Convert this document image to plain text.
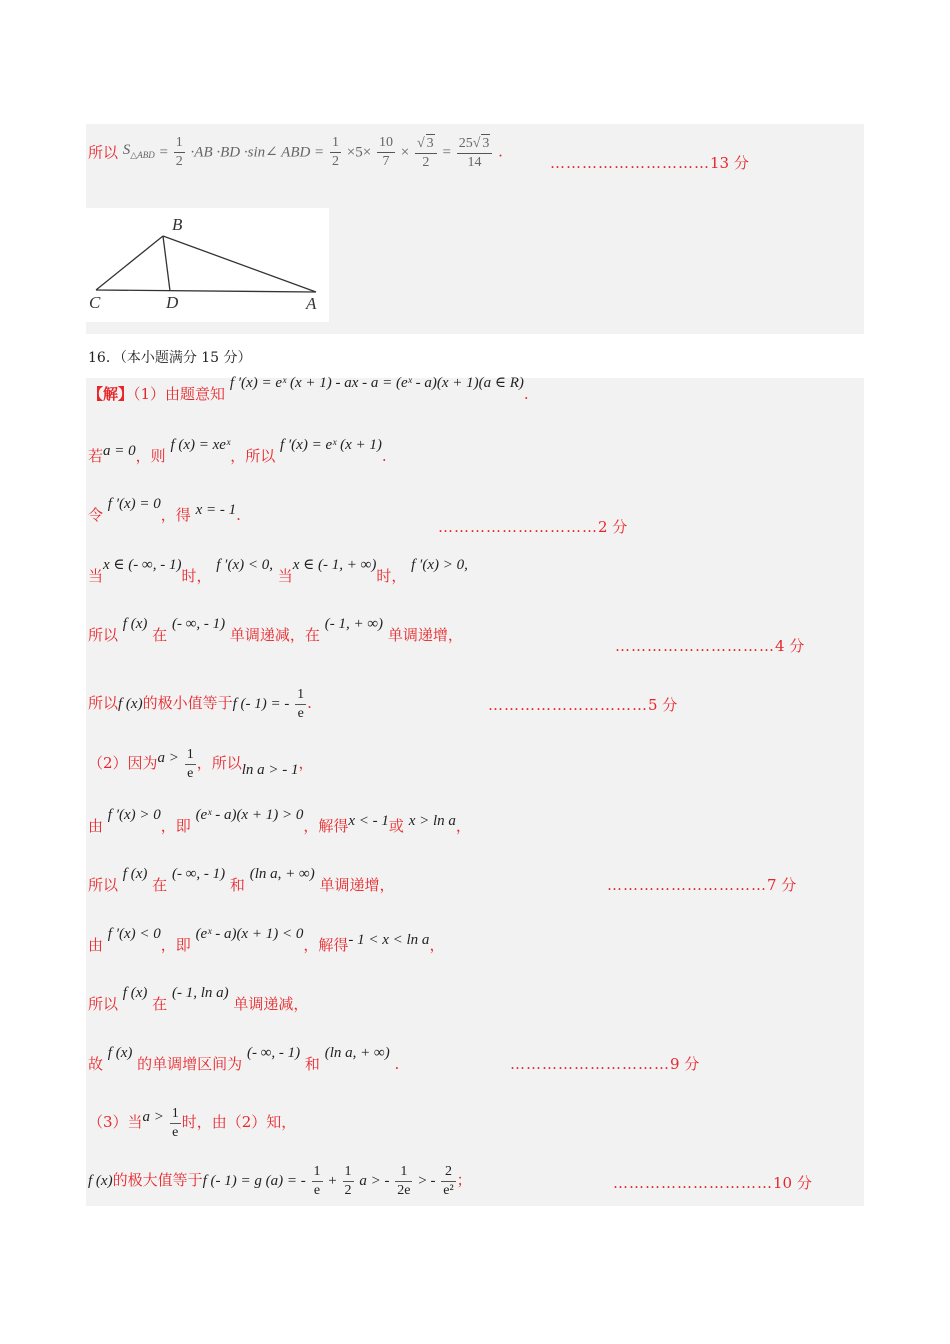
所以 $S_{\triangle ABD} = \frac{1}{2} \cdot AB \cdot BD$ ·sin∠ ABD = $\frac{1}{2} \times 5\times \frac{10}{7} \times \frac{√ 3}{2} = \frac{25√ 3}{14}$ .
…………………………13 分
B
C	D	A
16．（本小题满分 15 分）
【解】（1）由题意知 f ′(x) = eˣ (x + 1) - ax - a = (eˣ - a)(x + 1)(a ∈ R).
若a = 0，则 f (x) = xeˣ，所以 f ′(x) = eˣ (x + 1).
令 f ′(x) = 0，得 x = - 1.
…………………………2 分
当x ∈ (- ∞, - 1)时， f ′(x) < 0, 当x ∈ (- 1, + ∞)时， f ′(x) > 0,
所以 f (x) 在 (- ∞, - 1) 单调递减，在 (- 1, + ∞) 单调递增，
…………………………4 分
所以f (x)的极小值等于f (- 1) = - $\frac{1}{e}$ .	…………………………5 分
（2）因为$a > \frac{1}{e}$ ，所以ln a > - 1，
由 f ′(x) > 0，即 (eˣ - a)(x + 1) > 0，解得x < - 1或 x > ln a，
所以 f (x) 在 (- ∞, - 1) 和 (ln a, + ∞) 单调递增，	…………………………7 分
由 f ′(x) < 0，即 (eˣ - a)(x + 1) < 0，解得- 1 < x < ln a，
所以 f (x) 在 (- 1, ln a) 单调递减，
故 f (x) 的单调增区间为 (- ∞, - 1) 和 (ln a, + ∞) .	…………………………9 分
（3）当$a > \frac{1}{e}$ 时，由（2）知，
f (x)的极大值等于f (- 1) = g (a) = - $\frac{1}{e} + \frac{1}{2}$ a > - $\frac{1}{2e}$ > - $\frac{2}{\text{e²}}$ ；	…………………………10 分
